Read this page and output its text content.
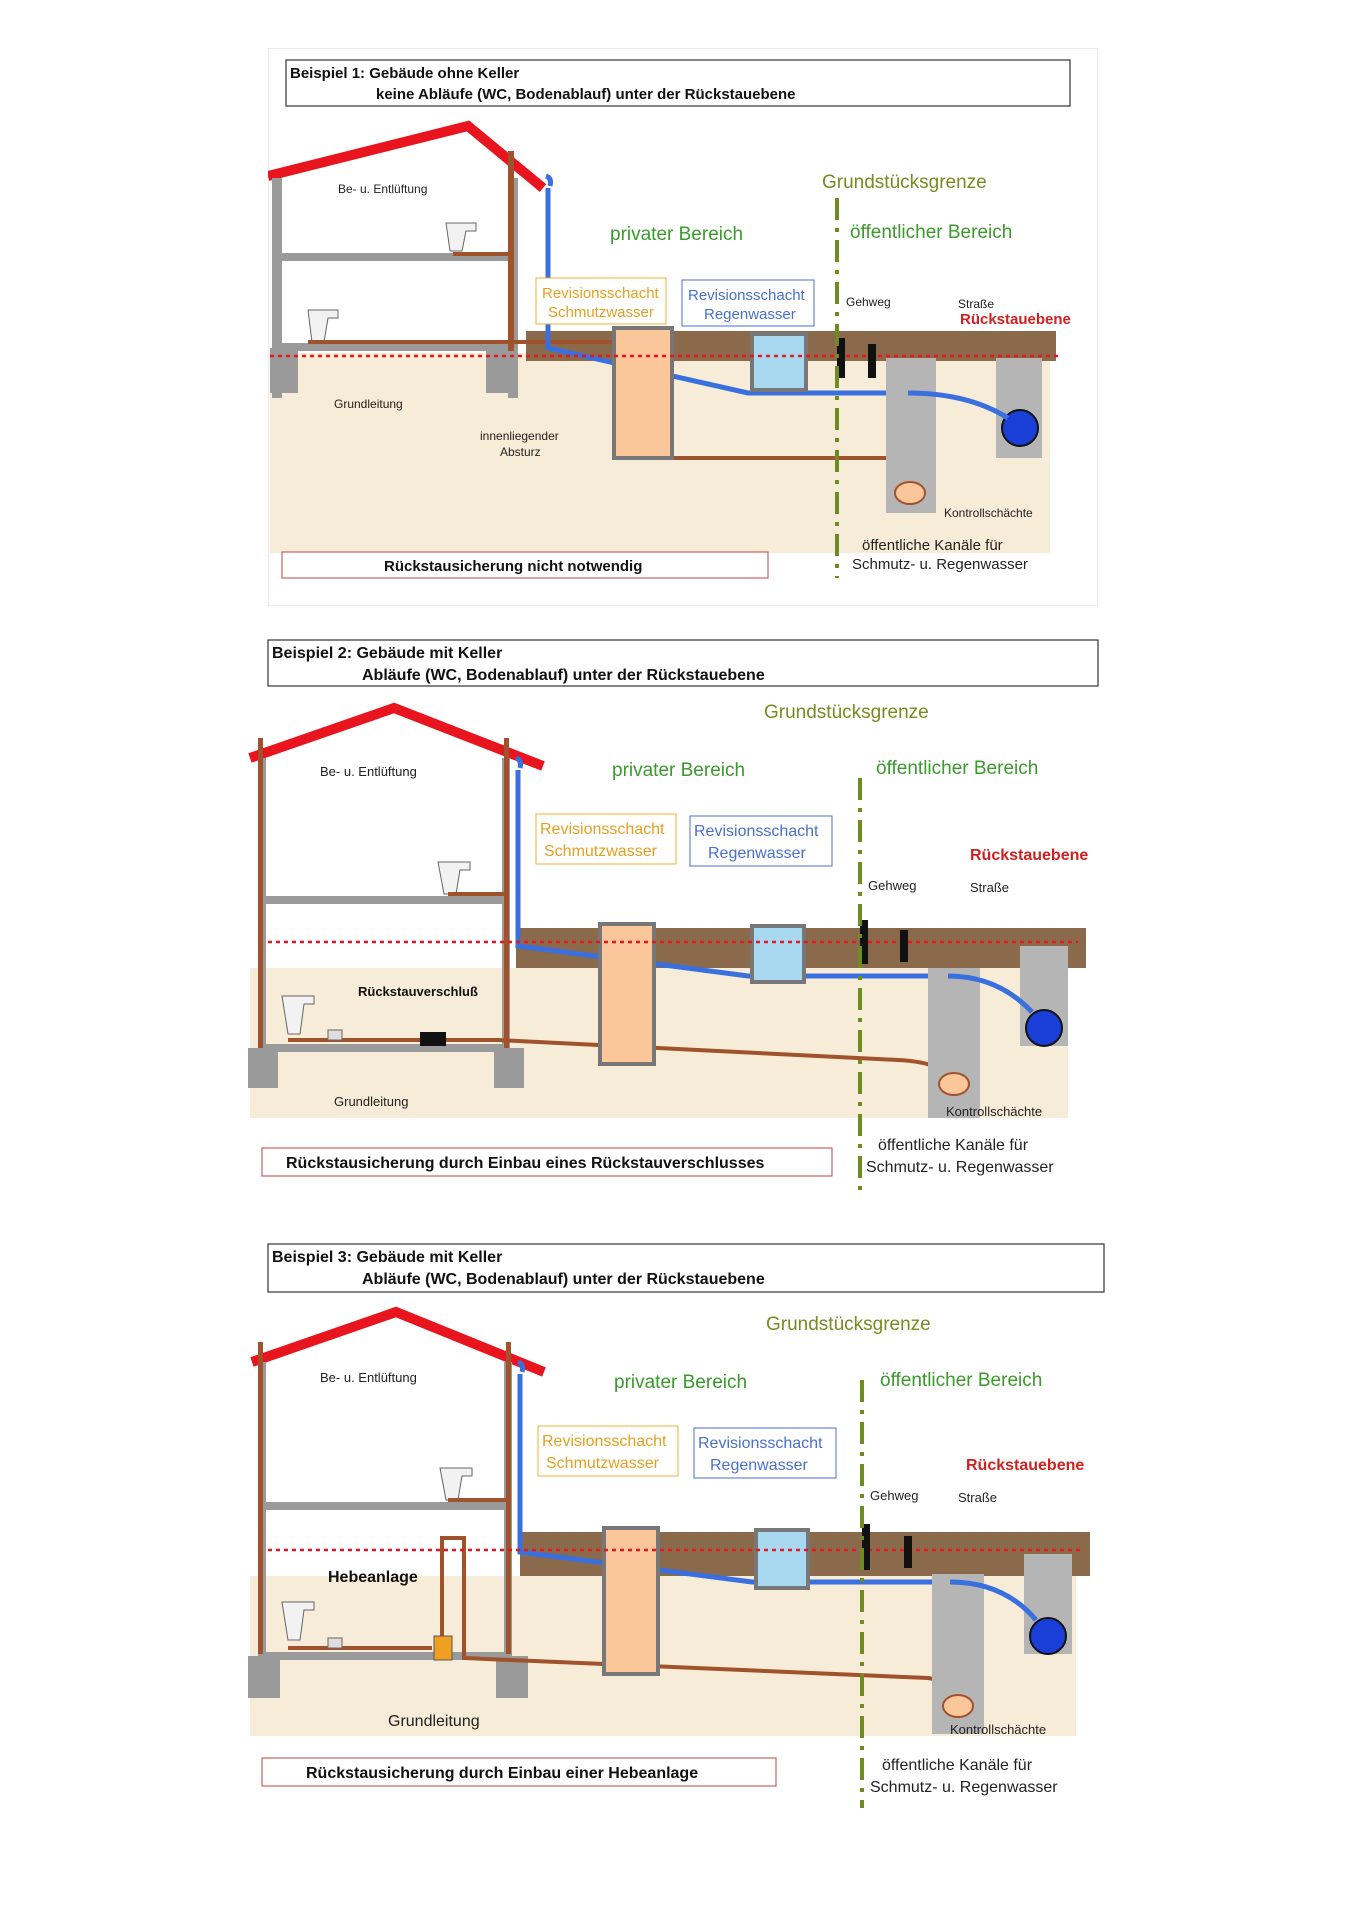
Beispiel 1: Gebäude ohne Keller
keine Abläufe (WC, Bodenablauf) unter der Rückstauebene
Grundstücksgrenze
privater Bereich	öffentlicher Bereich
Revisionsschacht
Schmutzwasser
Revisionsschacht
Regenwasser	Rückstauebene
Gehweg	Straße
Be- u. Entlüftung
Grundleitung
innenliegender
Absturz
Kontrollschächte
öffentliche Kanäle für
Schmutz- u. Regenwasser
Rückstausicherung nicht notwendig
Beispiel 2: Gebäude mit Keller
Abläufe (WC, Bodenablauf) unter der Rückstauebene
Grundstücksgrenze
privater Bereich	öffentlicher Bereich
Revisionsschacht
Schmutzwasser
Revisionsschacht
Regenwasser	Rückstauebene
Gehweg	Straße
Be- u. Entlüftung
Rückstauverschluß
Grundleitung
Kontrollschächte
öffentliche Kanäle für
Schmutz- u. Regenwasser
Rückstausicherung durch Einbau eines Rückstauverschlusses
Beispiel 3: Gebäude mit Keller
Abläufe (WC, Bodenablauf) unter der Rückstauebene
Grundstücksgrenze
privater Bereich	öffentlicher Bereich
Revisionsschacht
Schmutzwasser
Revisionsschacht
Regenwasser	Rückstauebene
Gehweg	Straße
Be- u. Entlüftung
Hebeanlage
Grundleitung	Kontrollschächte
öffentliche Kanäle für
Schmutz- u. Regenwasser
Rückstausicherung durch Einbau einer Hebeanlage
